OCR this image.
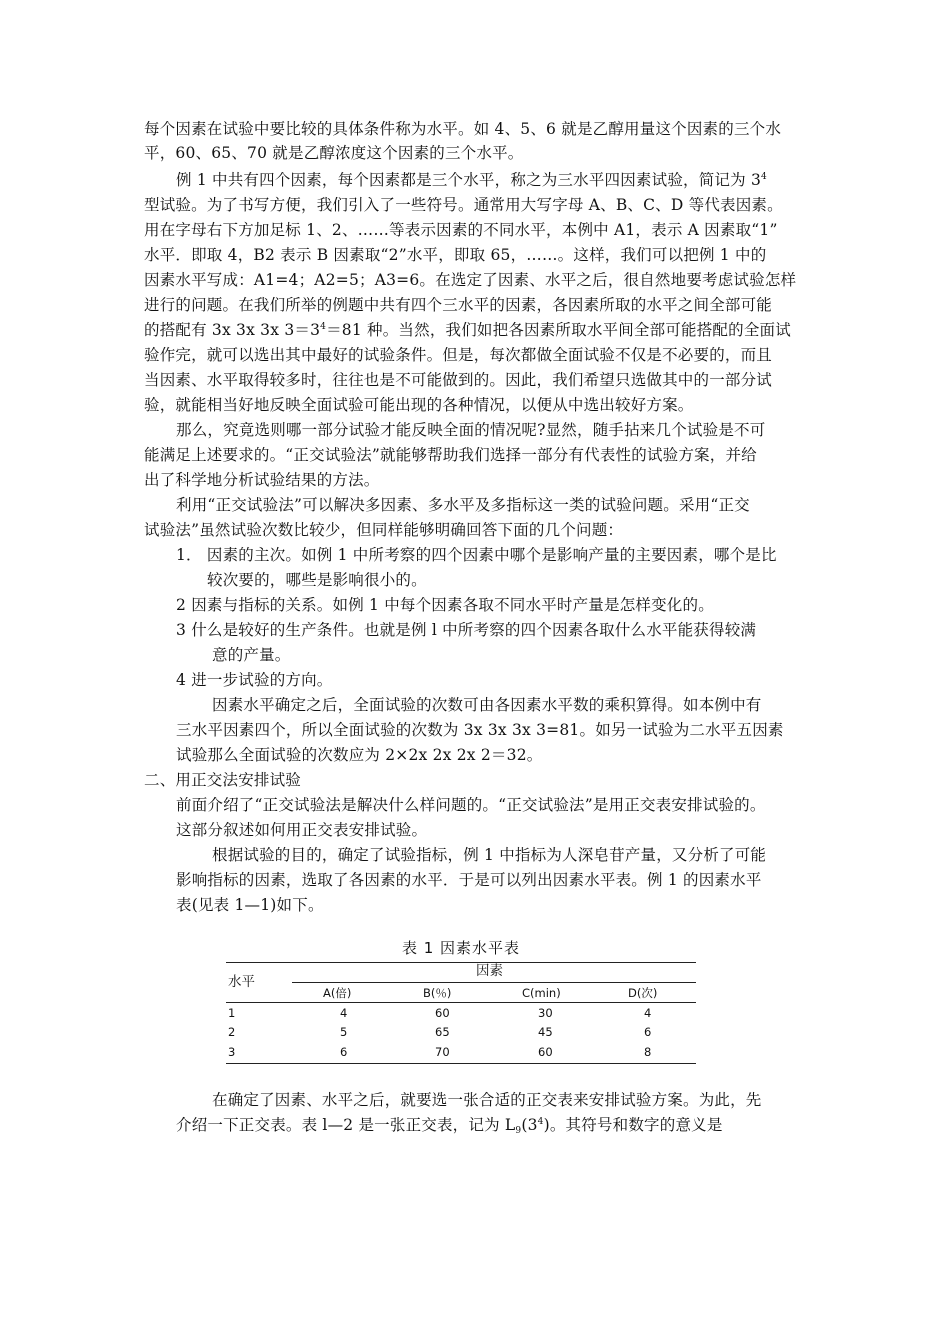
每个因素在试验中要比较的具体条件称为水平。如 4、5、6 就是乙醇用量这个因素的三个水
平，60、65、70 就是乙醇浓度这个因素的三个水平。
例 1 中共有四个因素，每个因素都是三个水平，称之为三水平四因素试验，简记为 $3^4$
型试验。为了书写方便，我们引入了一些符号。通常用大写字母 A、B、C、D 等代表因素。
用在字母右下方加足标 1、2、……等表示因素的不同水平，本例中 A1，表示 A 因素取“1”
水平．即取 4，B2 表示 B 因素取“2”水平，即取 65，……。这样，我们可以把例 1 中的
因素水平写成：A1=4；A2=5；A3=6。在选定了因素、水平之后，很自然地要考虑试验怎样
进行的问题。在我们所举的例题中共有四个三水平的因素，各因素所取的水平之间全部可能
的搭配有 3x 3x 3x $3=3^4=81$ 种。当然，我们如把各因素所取水平间全部可能搭配的全面试
验作完，就可以选出其中最好的试验条件。但是，每次都做全面试验不仅是不必要的，而且
当因素、水平取得较多时，往往也是不可能做到的。因此，我们希望只选做其中的一部分试
验，就能相当好地反映全面试验可能出现的各种情况，以便从中选出较好方案。
那么，究竟选则哪一部分试验才能反映全面的情况呢?显然，随手拈来几个试验是不可
能满足上述要求的。“正交试验法”就能够帮助我们选择一部分有代表性的试验方案，并给
出了科学地分析试验结果的方法。
利用“正交试验法”可以解决多因素、多水平及多指标这一类的试验问题。采用“正交
试验法”虽然试验次数比较少，但同样能够明确回答下面的几个问题：
1． 因素的主次。如例 1 中所考察的四个因素中哪个是影响产量的主要因素，哪个是比
较次要的，哪些是影响很小的。
2 因素与指标的关系。如例 1 中每个因素各取不同水平时产量是怎样变化的。
3 什么是较好的生产条件。也就是例 l 中所考察的四个因素各取什么水平能获得较满
意的产量。
4 进一步试验的方向。
因素水平确定之后，全面试验的次数可由各因素水平数的乘积算得。如本例中有
三水平因素四个，所以全面试验的次数为 3x 3x 3x 3=81。如另一试验为二水平五因素
试验那么全面试验的次数应为 2×2x 2x 2x 2＝32。
二、用正交法安排试验
前面介绍了“正交试验法是解决什么样问题的。“正交试验法”是用正交表安排试验的。
这部分叙述如何用正交表安排试验。
根据试验的目的，确定了试验指标，例 1 中指标为人深皂苷产量，又分析了可能
影响指标的因素，选取了各因素的水平．于是可以列出因素水平表。例 1 的因素水平
表(见表 1—1)如下。
表 1 因素水平表
水平
因素
A(倍)	B(％)	C(min)	D(次)
1	4	60	30	4
2	5	65	45	6
3	6	70	60	8
在确定了因素、水平之后，就要选一张合适的正交表来安排试验方案。为此，先
介绍一下正交表。表 l—2 是一张正交表，记为 $L_9(3^4)$。其符号和数字的意义是
